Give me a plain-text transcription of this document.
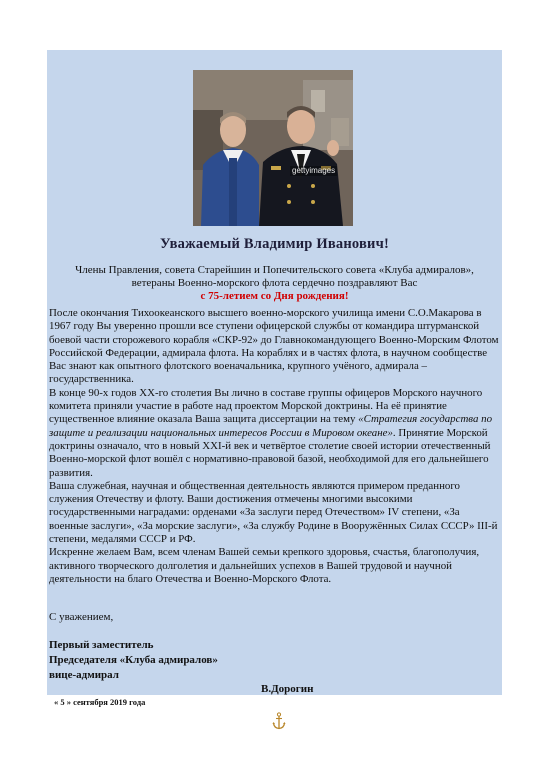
gettyimages
Уважаемый Владимир Иванович!
Члены Правления, совета Старейшин и Попечительского совета «Клуба адмиралов»,
ветераны Военно-морского флота сердечно поздравляют Вас
с 75-летием со Дня рождения!

После окончания Тихоокеанского высшего военно-морского училища имени С.О.Макарова в 1967 году Вы уверенно прошли все ступени офицерской службы от командира штурманской боевой части сторожевого корабля «СКР-92» до Главнокомандующего Военно-Морским Флотом Российской Федерации, адмирала флота. На кораблях и в частях флота, в научном сообществе Вас знают как опытного флотского военачальника, крупного учёного, адмирала – государственника.

В конце 90-х годов XX-го столетия Вы лично в составе группы офицеров Морского научного комитета приняли участие в работе над проектом Морской доктрины. На её принятие существенное влияние оказала Ваша защита диссертации на тему «Стратегия государства по защите и реализации национальных интересов России в Мировом океане». Принятие Морской доктрины означало, что в новый XXI-й век и четвёртое столетие своей истории отечественный Военно-морской флот вошёл с нормативно-правовой базой, необходимой для его дальнейшего развития.

Ваша служебная, научная и общественная деятельность являются примером преданного служения Отечеству и флоту. Ваши достижения отмечены многими высокими государственными наградами: орденами «За заслуги перед Отечеством» IV степени, «За военные заслуги», «За морские заслуги», «За службу Родине в Вооружённых Силах СССР» III-й степени, медалями СССР и РФ.

Искренне желаем Вам, всем членам Вашей семьи крепкого здоровья, счастья, благополучия, активного творческого долголетия и дальнейших успехов в Вашей трудовой и научной деятельности на благо Отечества и Военно-Морского Флота.

С уважением,
Первый заместитель
Председателя «Клуба адмиралов»
вице-адмирал
В.Дорогин
« 5 » сентября 2019 года
